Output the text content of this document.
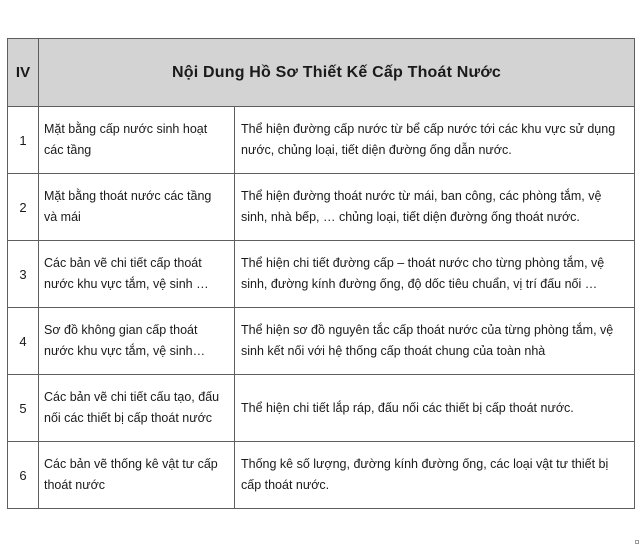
IV	Nội Dung Hồ Sơ Thiết Kế Cấp Thoát Nước	
1	Mặt bằng cấp nước sinh hoạt các tầng	Thể hiện đường cấp nước từ bể cấp nước tới các khu vực sử dụng nước, chủng loại, tiết diện đường ống dẫn nước.
2	Mặt bằng thoát nước các tầng và mái	Thể hiện đường thoát nước từ mái, ban công, các phòng tắm, vệ sinh, nhà bếp, … chủng loại, tiết diện đường ống thoát nước.
3	Các bản vẽ chi tiết cấp thoát nước khu vực tắm, vệ sinh …	Thể hiện chi tiết đường cấp – thoát nước cho từng phòng tắm, vệ sinh, đường kính đường ống, độ dốc tiêu chuẩn, vị trí đấu nối …
4	Sơ đồ không gian cấp thoát nước khu vực tắm, vệ sinh…	Thể hiện sơ đồ nguyên tắc cấp thoát nước của từng phòng tắm, vệ sinh kết nối với hệ thống cấp thoát chung của toàn nhà
5	Các bản vẽ chi tiết cấu tạo, đấu nối các thiết bị cấp thoát nước	Thể hiện chi tiết lắp ráp, đấu nối các thiết bị cấp thoát nước.
6	Các bản vẽ thống kê vật tư cấp thoát nước	Thống kê số lượng, đường kính đường ống, các loại vật tư thiết bị cấp thoát nước.
